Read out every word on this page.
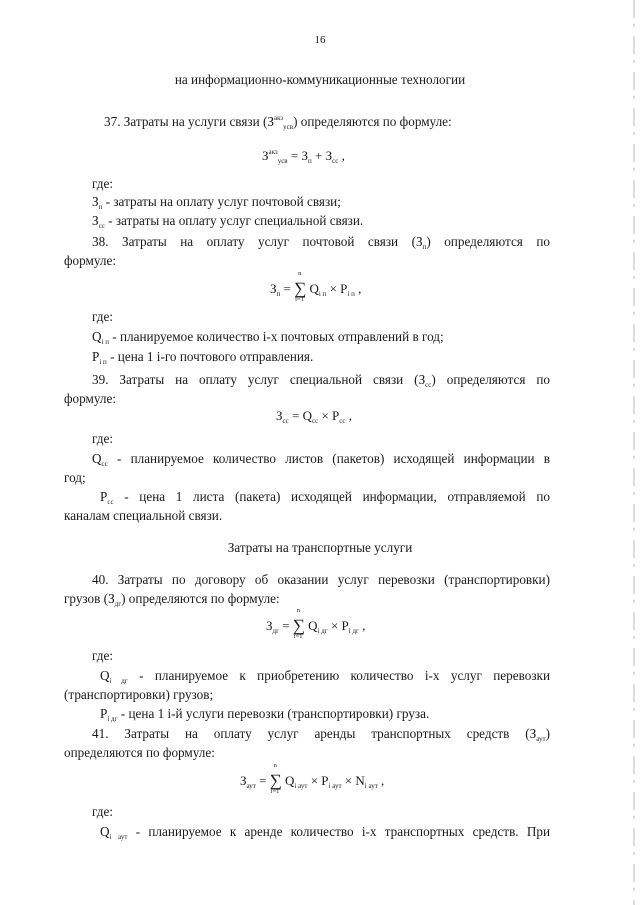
16
на информационно-коммуникационные технологии
37. Затраты на услуги связи $(З^{акз}_{усв})$ определяются по формуле:
$З^{акз}_{усв} = З_п + З_{сс}$ ,
где:
$З_п$ - затраты на оплату услуг почтовой связи;
$З_{сс}$ - затраты на оплату услуг специальной связи.
38. Затраты на оплату услуг почтовой связи $(З_п)$ определяются по
формуле:
$З_п$ = ∑
n
i=1
$Q_{i п} \times P_{i п}$ ,
где:
$Q_{i п}$ - планируемое количество i-х почтовых отправлений в год;
$P_{i п}$ - цена 1 i-го почтового отправления.
39. Затраты на оплату услуг специальной связи $(З_{сс})$ определяются по
формуле:
$З_{сс} = Q_{сс} \times P_{сс}$ ,
где:
$Q_{сс}$ - планируемое количество листов (пакетов) исходящей информации в
год;
$P_{сс}$ - цена 1 листа (пакета) исходящей информации, отправляемой по
каналам специальной связи.
Затраты на транспортные услуги
40. Затраты по договору об оказании услуг перевозки (транспортировки)
грузов $(З_{дг})$ определяются по формуле:
$З_{дг}$ = ∑
n
i=1
$Q_{i дг} \times P_{i дг}$ ,
где:
$Q_{i дг}$ - планируемое к приобретению количество i-х услуг перевозки
(транспортировки) грузов;
$P_{i дг}$ - цена 1 i-й услуги перевозки (транспортировки) груза.
41. Затраты на оплату услуг аренды транспортных средств $(З_{аут})$
определяются по формуле:
$З_{аут}$ = ∑
n
i=1
$Q_{i аут} \times P_{i аут} \times N_{i аут}$ ,
где:
$Q_{i аут}$ - планируемое к аренде количество i-х транспортных средств. При
